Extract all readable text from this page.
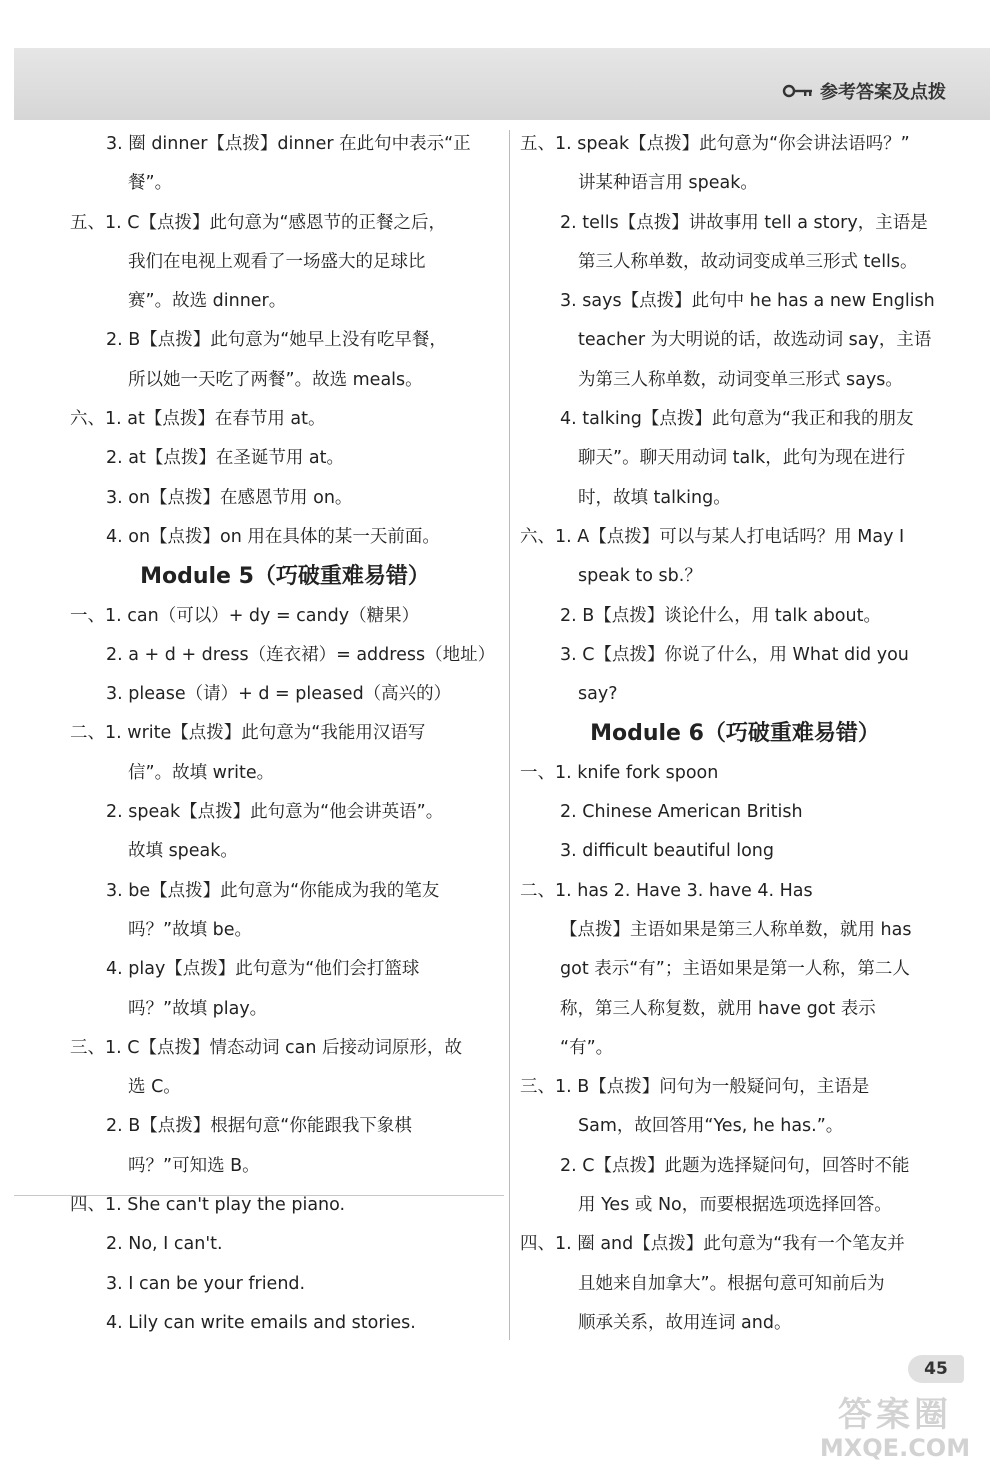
参考答案及点拨
3. 圈 dinner【点拨】dinner 在此句中表示“正
餐”。
五、1. C【点拨】此句意为“感恩节的正餐之后，
我们在电视上观看了一场盛大的足球比
赛”。故选 dinner。
2. B【点拨】此句意为“她早上没有吃早餐，
所以她一天吃了两餐”。故选 meals。
六、1. at【点拨】在春节用 at。
2. at【点拨】在圣诞节用 at。
3. on【点拨】在感恩节用 on。
4. on【点拨】on 用在具体的某一天前面。
Module 5（巧破重难易错）
一、1. can（可以）+ dy = candy（糖果）
2. a + d + dress（连衣裙）= address（地址）
3. please（请）+ d = pleased（高兴的）
二、1. write【点拨】此句意为“我能用汉语写
信”。故填 write。
2. speak【点拨】此句意为“他会讲英语”。
故填 speak。
3. be【点拨】此句意为“你能成为我的笔友
吗？”故填 be。
4. play【点拨】此句意为“他们会打篮球
吗？”故填 play。
三、1. C【点拨】情态动词 can 后接动词原形，故
选 C。
2. B【点拨】根据句意“你能跟我下象棋
吗？”可知选 B。
四、1. She can't play the piano.
2. No, I can't.
3. I can be your friend.
4. Lily can write emails and stories.
五、1. speak【点拨】此句意为“你会讲法语吗？”
讲某种语言用 speak。
2. tells【点拨】讲故事用 tell a story，主语是
第三人称单数，故动词变成单三形式 tells。
3. says【点拨】此句中 he has a new English
teacher 为大明说的话，故选动词 say，主语
为第三人称单数，动词变单三形式 says。
4. talking【点拨】此句意为“我正和我的朋友
聊天”。聊天用动词 talk，此句为现在进行
时，故填 talking。
六、1. A【点拨】可以与某人打电话吗？用 May I
speak to sb.？
2. B【点拨】谈论什么，用 talk about。
3. C【点拨】你说了什么，用 What did you
say?
Module 6（巧破重难易错）
一、1. knife fork spoon
2. Chinese American British
3. difficult beautiful long
二、1. has 2. Have 3. have 4. Has
【点拨】主语如果是第三人称单数，就用 has
got 表示“有”；主语如果是第一人称，第二人
称，第三人称复数，就用 have got 表示
“有”。
三、1. B【点拨】问句为一般疑问句，主语是
Sam，故回答用“Yes, he has.”。
2. C【点拨】此题为选择疑问句，回答时不能
用 Yes 或 No，而要根据选项选择回答。
四、1. 圈 and【点拨】此句意为“我有一个笔友并
且她来自加拿大”。根据句意可知前后为
顺承关系，故用连词 and。
45
答案圈
MXQE.COM
